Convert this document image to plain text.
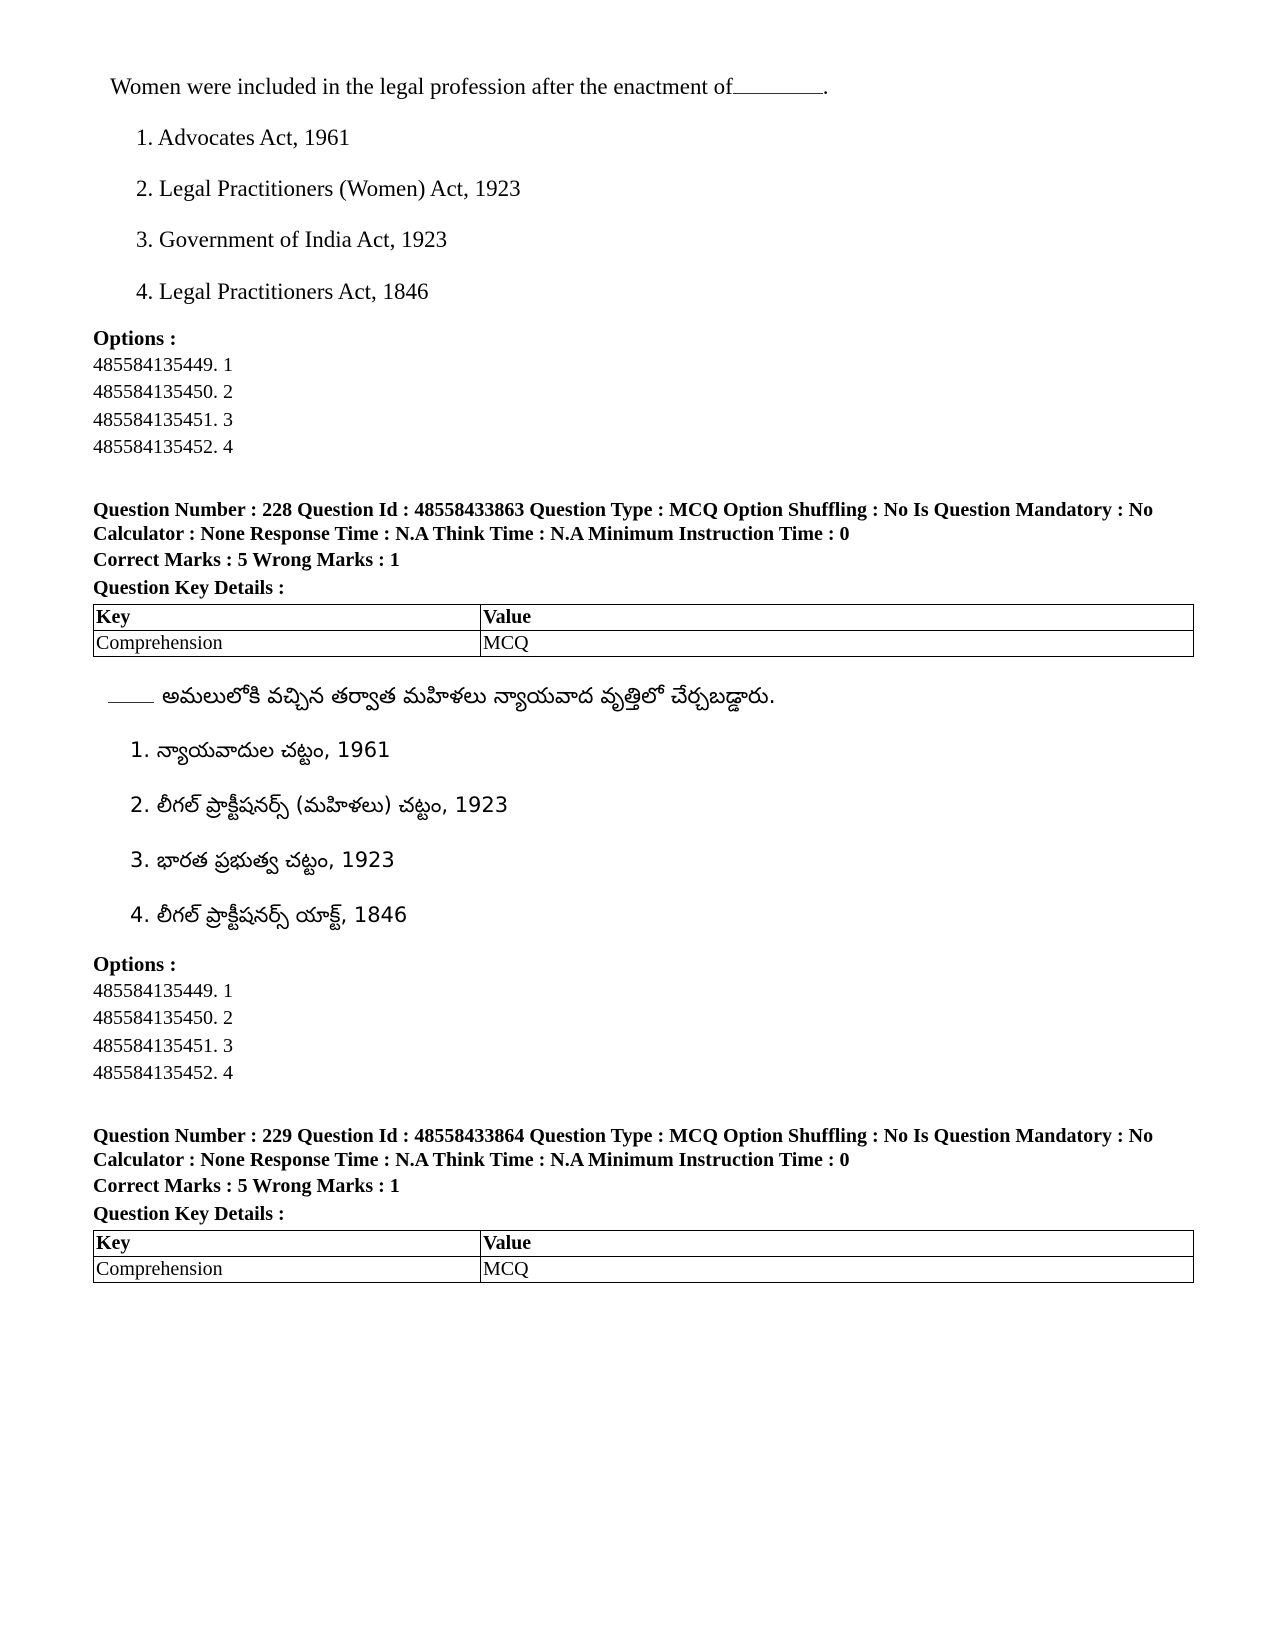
Women were included in the legal profession after the enactment of	.
1. Advocates Act, 1961
2. Legal Practitioners (Women) Act, 1923
3. Government of India Act, 1923
4. Legal Practitioners Act, 1846
Options :
485584135449. 1
485584135450. 2
485584135451. 3
485584135452. 4
Question Number : 228 Question Id : 48558433863 Question Type : MCQ Option Shuffling : No Is Question Mandatory : No Calculator : None Response Time : N.A Think Time : N.A Minimum Instruction Time : 0
Correct Marks : 5 Wrong Marks : 1
Question Key Details :
Key	Value
Comprehension	MCQ
అమలులోకి వచ్చిన తర్వాత మహిళలు న్యాయవాద వృత్తిలో చేర్చబడ్డారు.
1. న్యాయవాదుల చట్టం, 1961
2. లీగల్ ప్రాక్టీషనర్స్ (మహిళలు) చట్టం, 1923
3. భారత ప్రభుత్వ చట్టం, 1923
4. లీగల్ ప్రాక్టీషనర్స్ యాక్ట్, 1846
Options :
485584135449. 1
485584135450. 2
485584135451. 3
485584135452. 4
Question Number : 229 Question Id : 48558433864 Question Type : MCQ Option Shuffling : No Is Question Mandatory : No Calculator : None Response Time : N.A Think Time : N.A Minimum Instruction Time : 0
Correct Marks : 5 Wrong Marks : 1
Question Key Details :
Key	Value
Comprehension	MCQ
